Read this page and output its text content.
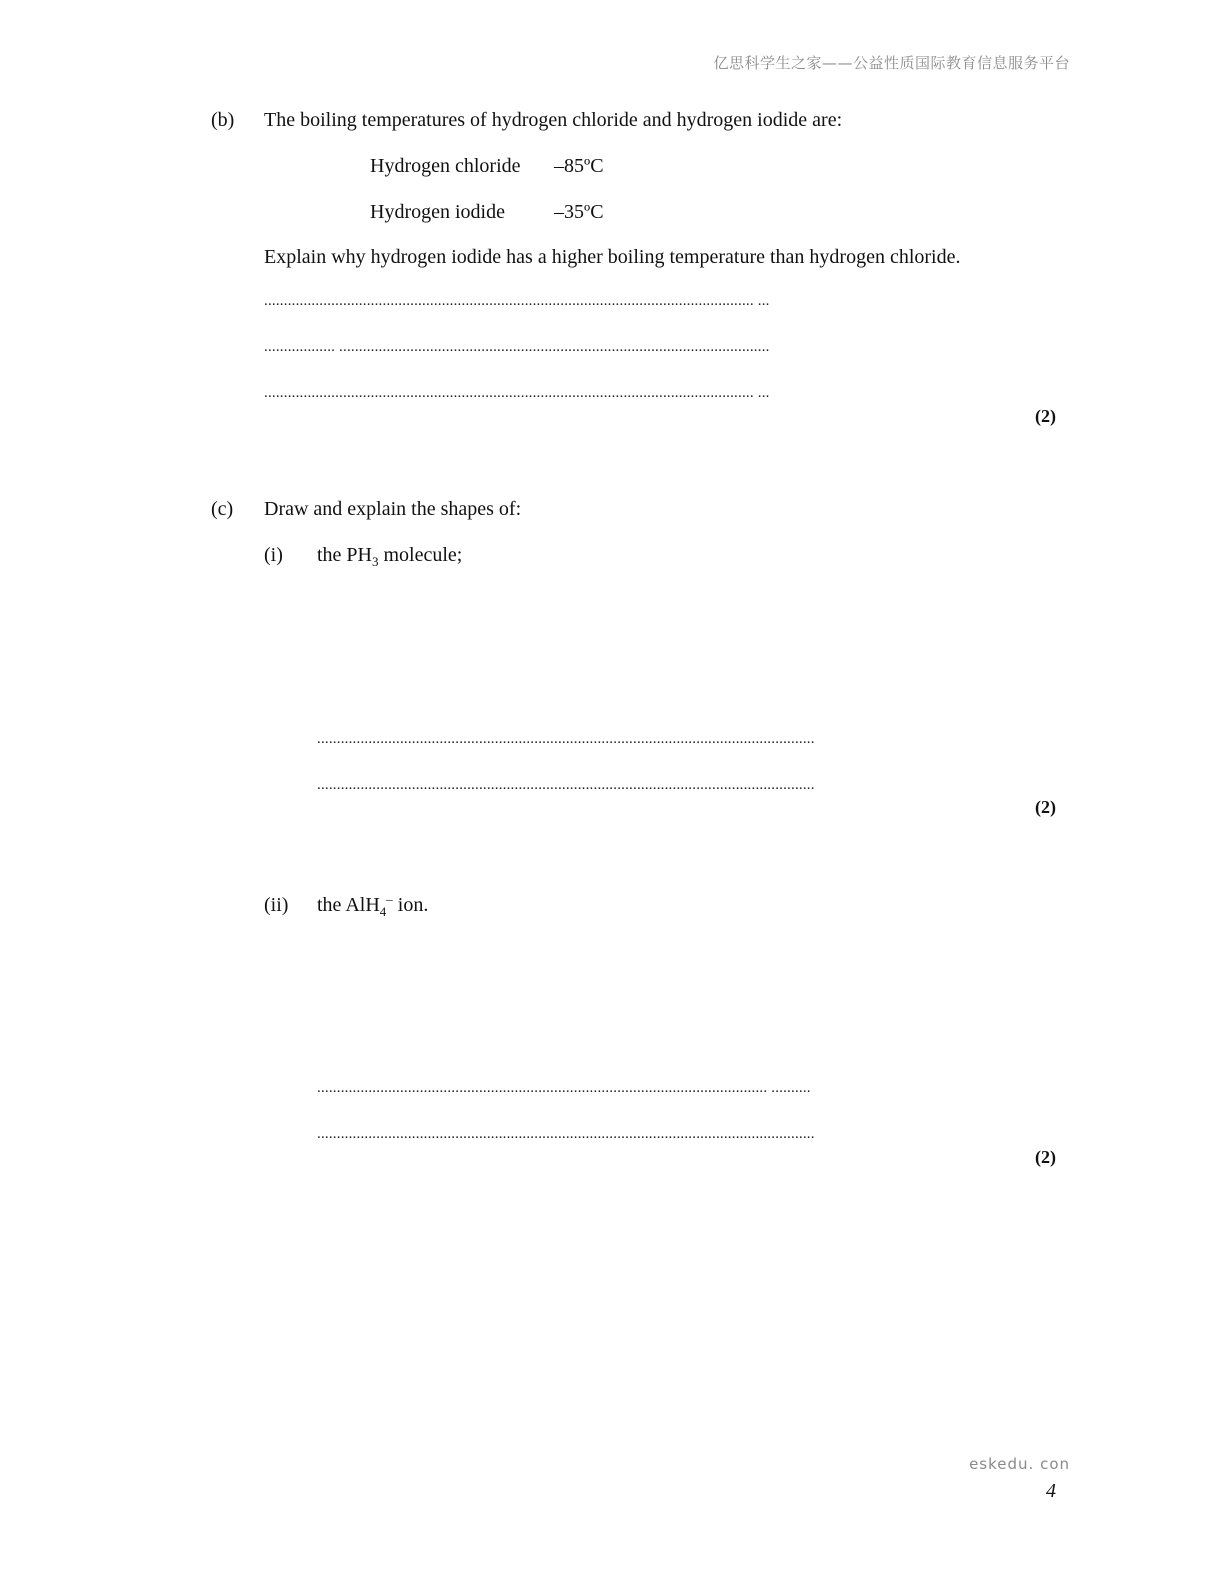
亿思科学生之家——公益性质国际教育信息服务平台
(b) The boiling temperatures of hydrogen chloride and hydrogen iodide are:
Hydrogen chloride –85ºC
Hydrogen iodide –35ºC
Explain why hydrogen iodide has a higher boiling temperature than hydrogen chloride.
............................................................................................................................ ...
.................. .............................................................................................................
............................................................................................................................ ...
(2)
(c) Draw and explain the shapes of:
(i) the $PH_3$ molecule;
..............................................................................................................................
..............................................................................................................................
(2)
(ii) the AlH$_4$– ion.
.................................................................................................................. ..........
..............................................................................................................................
(2)
eskedu. con
4
